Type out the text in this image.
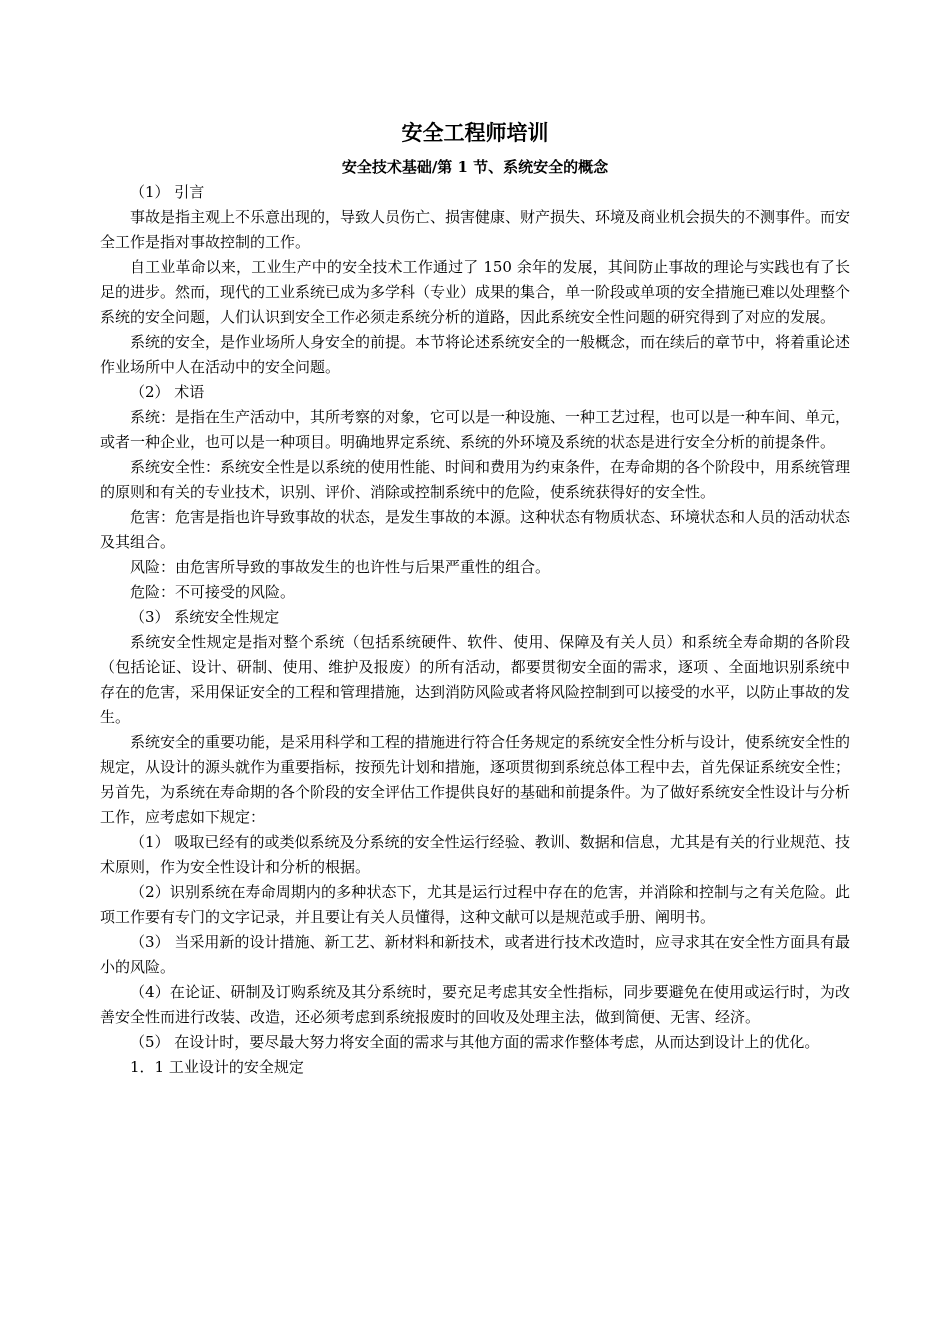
安全工程师培训
安全技术基础/第 1 节、系统安全的概念

（1） 引言

事故是指主观上不乐意出现的，导致人员伤亡、损害健康、财产损失、环境及商业机会损失的不测事件。而安全工作是指对事故控制的工作。

自工业革命以来，工业生产中的安全技术工作通过了 150 余年的发展，其间防止事故的理论与实践也有了长足的进步。然而，现代的工业系统已成为多学科（专业）成果的集合，单一阶段或单项的安全措施已难以处理整个系统的安全问题，人们认识到安全工作必须走系统分析的道路，因此系统安全性问题的研究得到了对应的发展。

系统的安全，是作业场所人身安全的前提。本节将论述系统安全的一般概念，而在续后的章节中，将着重论述作业场所中人在活动中的安全问题。

（2） 术语

系统：是指在生产活动中，其所考察的对象，它可以是一种设施、一种工艺过程，也可以是一种车间、单元，或者一种企业，也可以是一种项目。明确地界定系统、系统的外环境及系统的状态是进行安全分析的前提条件。

系统安全性：系统安全性是以系统的使用性能、时间和费用为约束条件，在寿命期的各个阶段中，用系统管理的原则和有关的专业技术，识别、评价、消除或控制系统中的危险，使系统获得好的安全性。

危害：危害是指也许导致事故的状态，是发生事故的本源。这种状态有物质状态、环境状态和人员的活动状态及其组合。

风险：由危害所导致的事故发生的也许性与后果严重性的组合。

危险：不可接受的风险。

（3） 系统安全性规定

系统安全性规定是指对整个系统（包括系统硬件、软件、使用、保障及有关人员）和系统全寿命期的各阶段（包括论证、设计、研制、使用、维护及报废）的所有活动，都要贯彻安全面的需求，逐项 、全面地识别系统中存在的危害，采用保证安全的工程和管理措施，达到消防风险或者将风险控制到可以接受的水平，以防止事故的发生。

系统安全的重要功能，是采用科学和工程的措施进行符合任务规定的系统安全性分析与设计，使系统安全性的规定，从设计的源头就作为重要指标，按预先计划和措施，逐项贯彻到系统总体工程中去，首先保证系统安全性；另首先，为系统在寿命期的各个阶段的安全评估工作提供良好的基础和前提条件。为了做好系统安全性设计与分析工作，应考虑如下规定：

（1） 吸取已经有的或类似系统及分系统的安全性运行经验、教训、数据和信息，尤其是有关的行业规范、技术原则，作为安全性设计和分析的根据。

（2）识别系统在寿命周期内的多种状态下，尤其是运行过程中存在的危害，并消除和控制与之有关危险。此项工作要有专门的文字记录，并且要让有关人员懂得，这种文献可以是规范或手册、阐明书。

（3） 当采用新的设计措施、新工艺、新材料和新技术，或者进行技术改造时，应寻求其在安全性方面具有最小的风险。

（4）在论证、研制及订购系统及其分系统时，要充足考虑其安全性指标，同步要避免在使用或运行时，为改善安全性而进行改装、改造，还必须考虑到系统报废时的回收及处理主法，做到简便、无害、经济。

（5） 在设计时，要尽最大努力将安全面的需求与其他方面的需求作整体考虑，从而达到设计上的优化。

1．1 工业设计的安全规定
